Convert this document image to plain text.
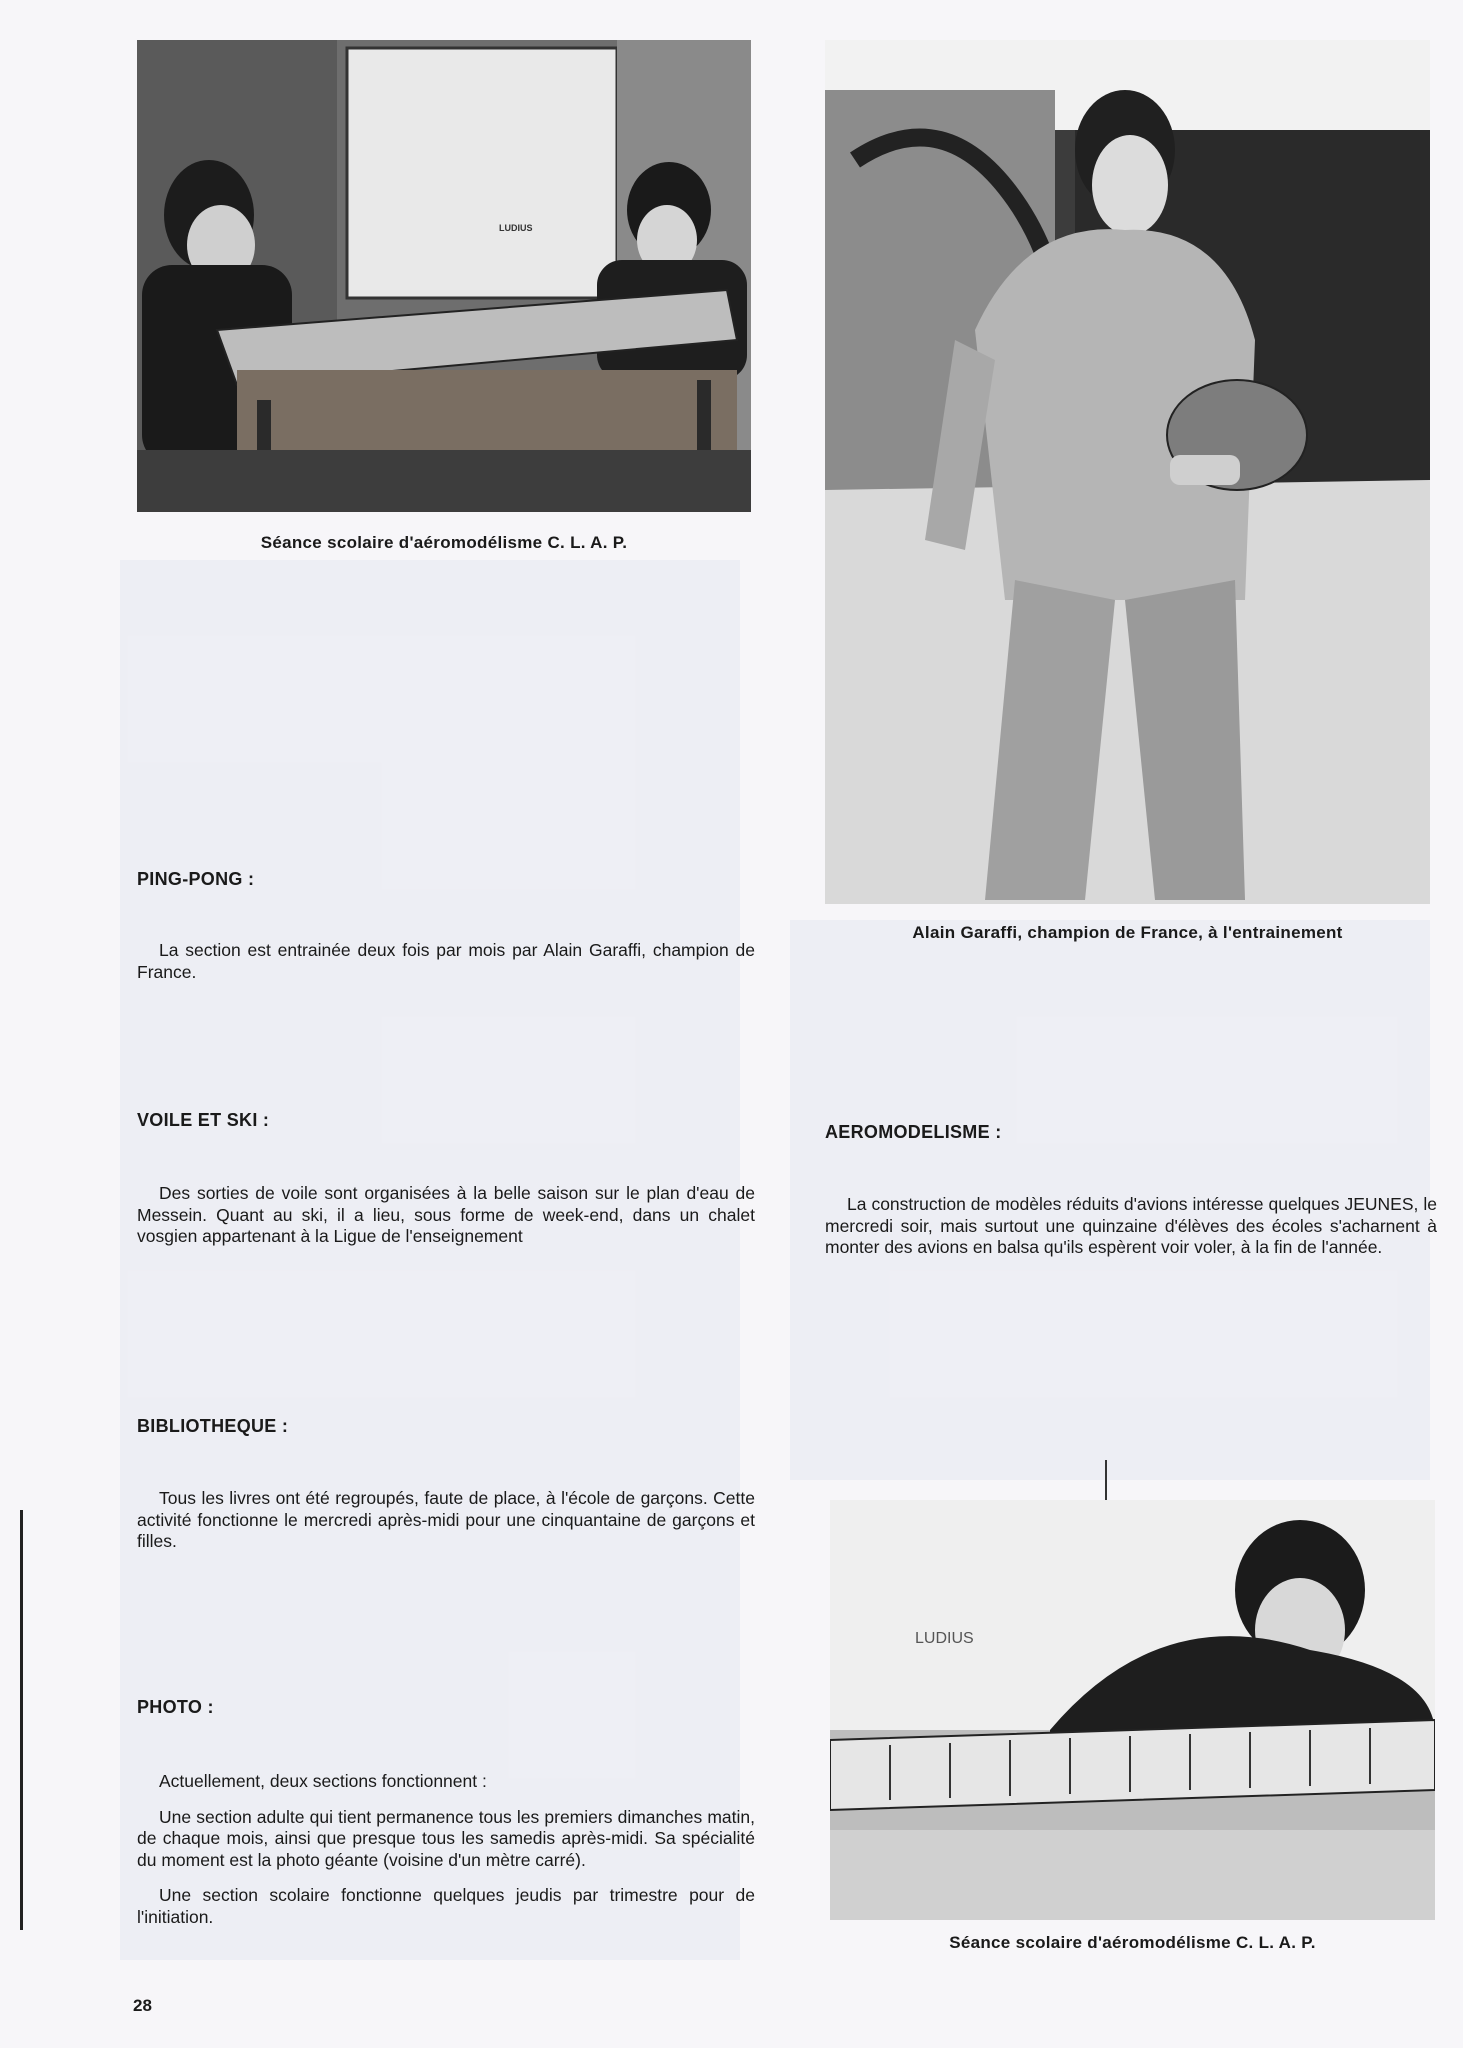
LUDIUS
Séance scolaire d'aéromodélisme C. L. A. P.
Alain Garaffi, champion de France, à l'entrainement
PING-PONG :

La section est entrainée deux fois par mois par Alain Garaffi, champion de France.

VOILE ET SKI :

Des sorties de voile sont organisées à la belle saison sur le plan d'eau de Messein. Quant au ski, il a lieu, sous forme de week-end, dans un chalet vosgien appartenant à la Ligue de l'enseignement

BIBLIOTHEQUE :

Tous les livres ont été regroupés, faute de place, à l'école de garçons. Cette activité fonctionne le mercredi après-midi pour une cinquantaine de garçons et filles.

PHOTO :

Actuellement, deux sections fonctionnent :

Une section adulte qui tient permanence tous les premiers dimanches matin, de chaque mois, ainsi que presque tous les samedis après-midi. Sa spécialité du moment est la photo géante (voisine d'un mètre carré).

Une section scolaire fonctionne quelques jeudis par trimestre pour de l'initiation.

AEROMODELISME :

La construction de modèles réduits d'avions intéresse quelques JEUNES, le mercredi soir, mais surtout une quinzaine d'élèves des écoles s'acharnent à monter des avions en balsa qu'ils espèrent voir voler, à la fin de l'année.

LUDIUS
Séance scolaire d'aéromodélisme C. L. A. P.
28
